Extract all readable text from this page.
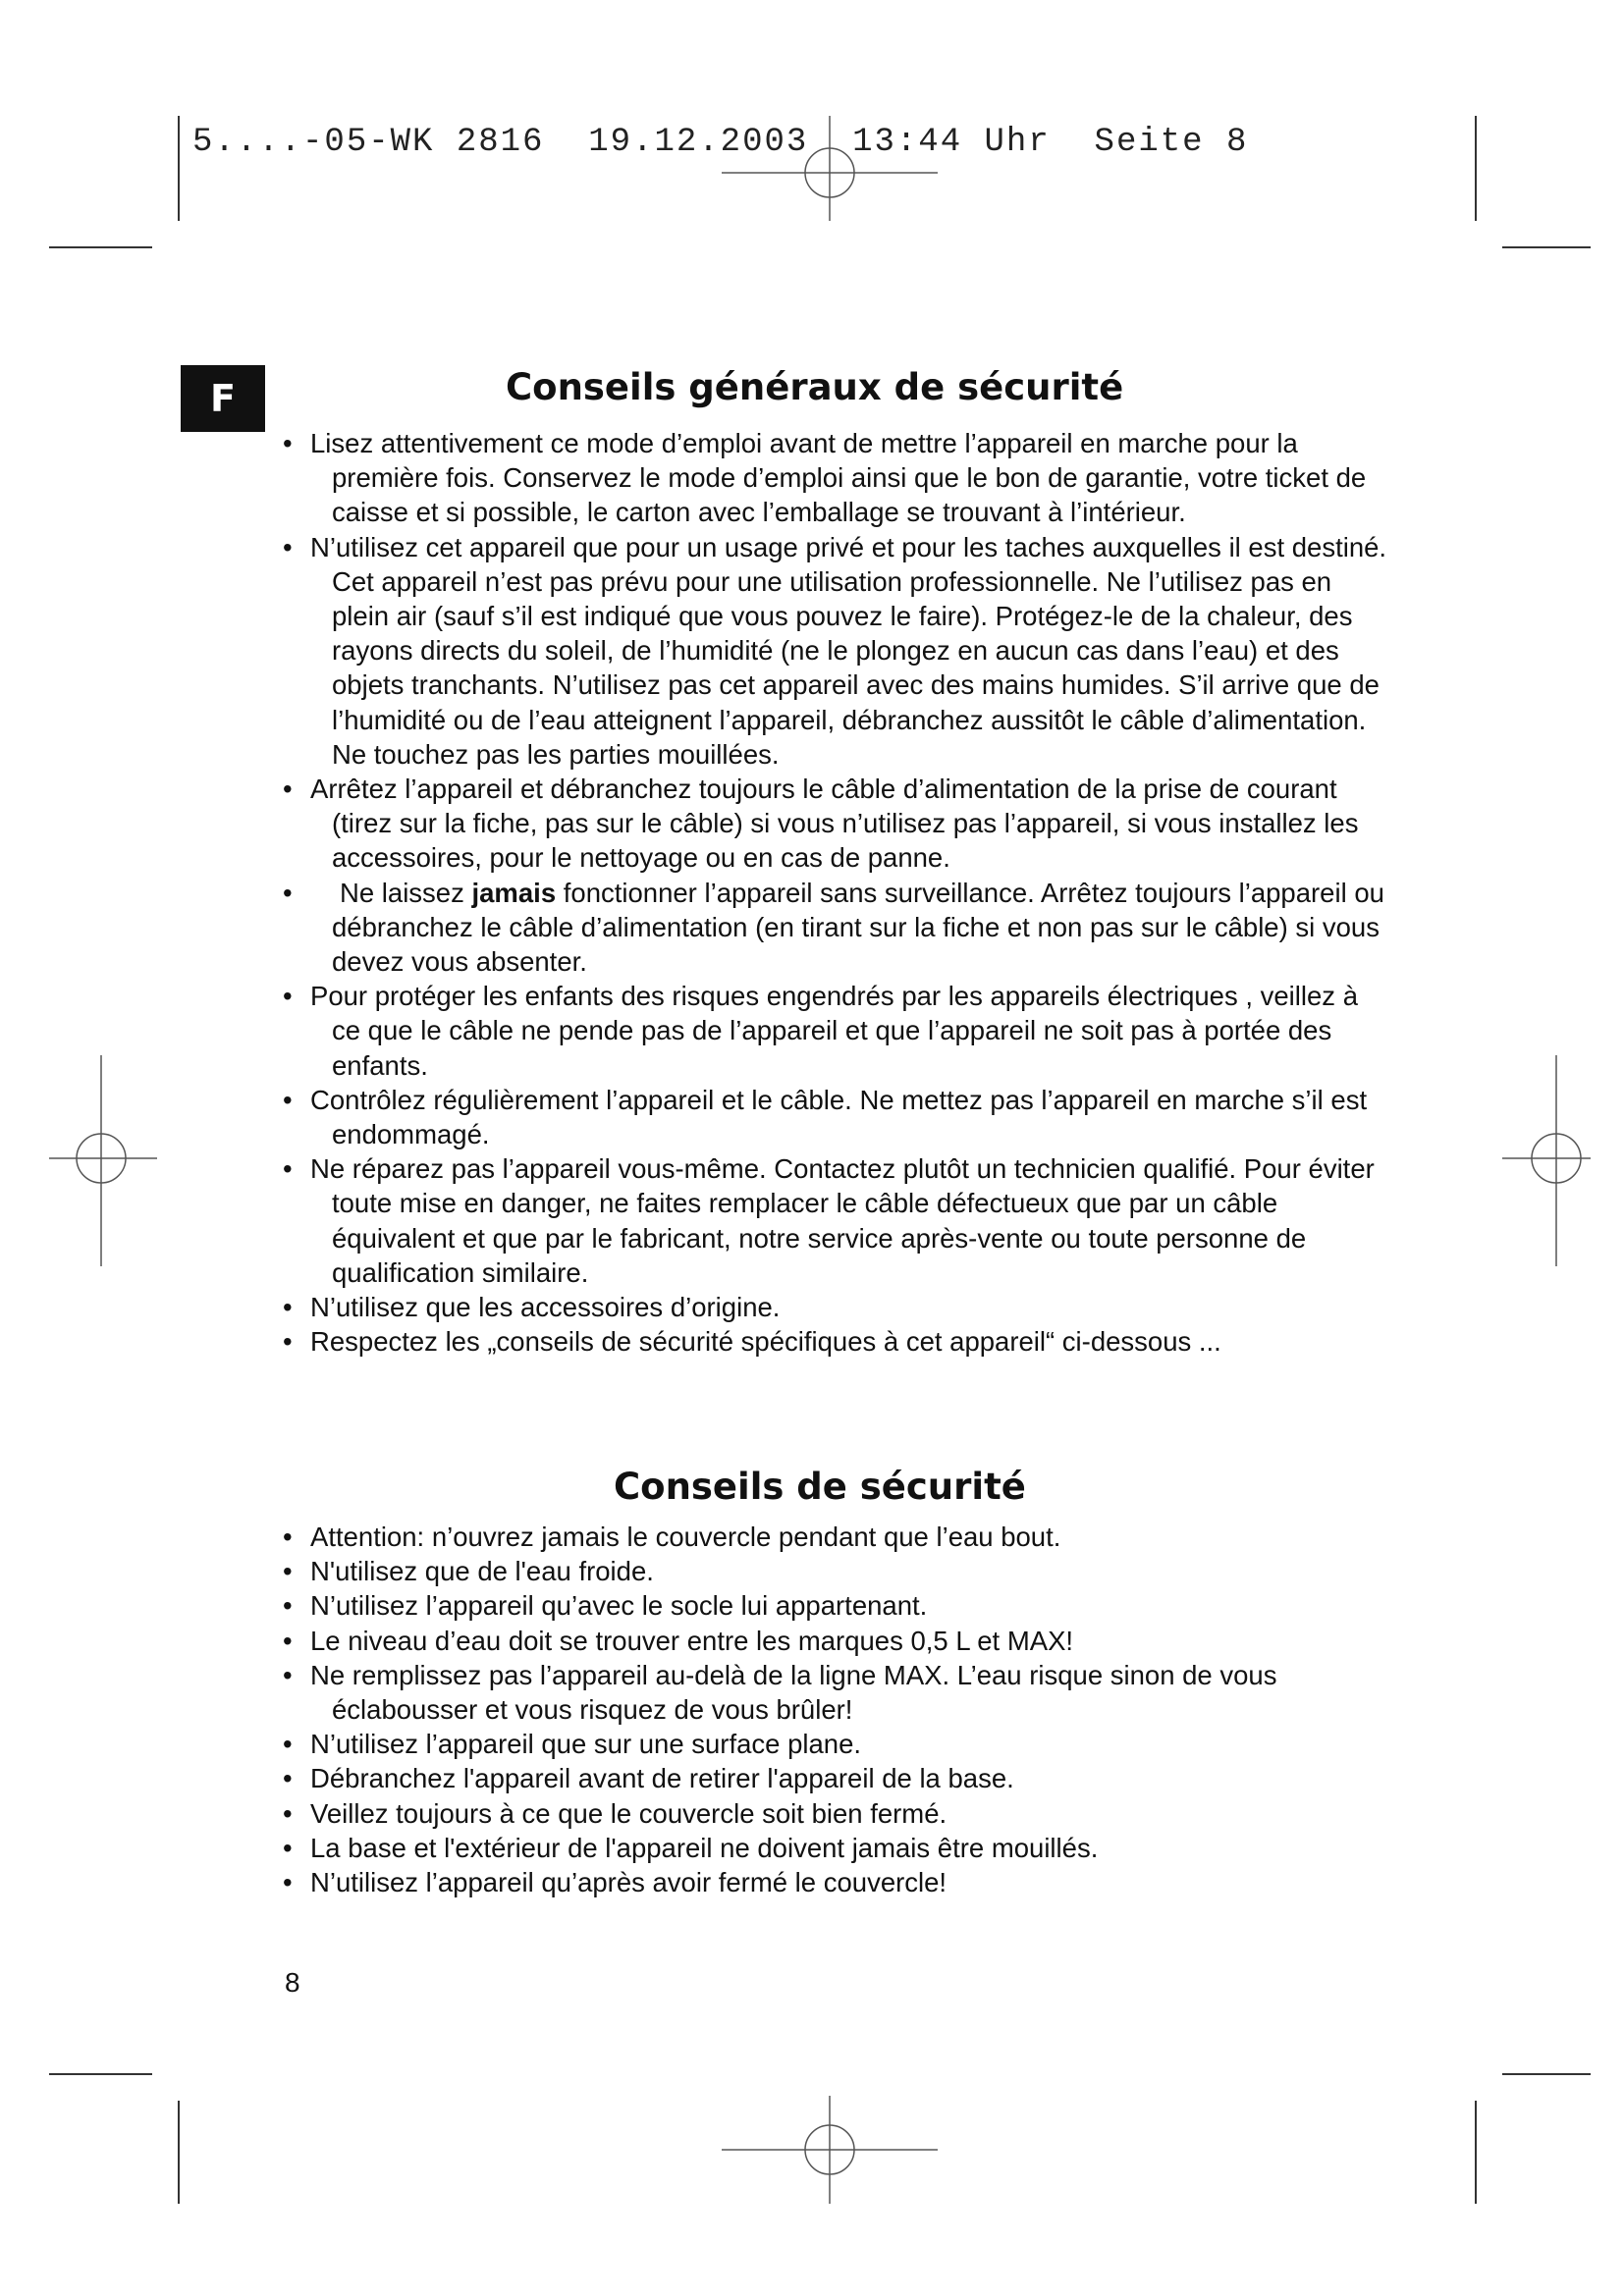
5....-05-WK 2816  19.12.2003  13:44 Uhr  Seite 8
F	Conseils généraux de sécurité
• Lisez attentivement ce mode d’emploi avant de mettre l’appareil en marche pour la première fois. Conservez le mode d’emploi ainsi que le bon de garantie, votre ticket de caisse et si possible, le carton avec l’emballage se trouvant à l’intérieur.
• N’utilisez cet appareil que pour un usage privé et pour les taches auxquelles il est destiné. Cet appareil n’est pas prévu pour une utilisation professionnelle. Ne l’utilisez pas en plein air (sauf s’il est indiqué que vous pouvez le faire). Protégez-le de la chaleur, des rayons directs du soleil, de l’humidité (ne le plongez en aucun cas dans l’eau) et des objets tranchants. N’utilisez pas cet appareil avec des mains humides. S’il arrive que de l’humidité ou de l’eau atteignent l’appareil, débranchez aussitôt le câble d’alimentation. Ne touchez pas les parties mouillées.
• Arrêtez l’appareil et débranchez toujours le câble d’alimentation de la prise de courant (tirez sur la fiche, pas sur le câble) si vous n’utilisez pas l’appareil, si vous installez les accessoires, pour le nettoyage ou en cas de panne.
• Ne laissez jamais fonctionner l’appareil sans surveillance. Arrêtez toujours l’appareil ou débranchez le câble d’alimentation (en tirant sur la fiche et non pas sur le câble) si vous devez vous absenter.
• Pour protéger les enfants des risques engendrés par les appareils électriques , veillez à ce que le câble ne pende pas de l’appareil et que l’appareil ne soit pas à portée des enfants.
• Contrôlez régulièrement l’appareil et le câble. Ne mettez pas l’appareil en marche s’il est endommagé.
• Ne réparez pas l’appareil vous-même. Contactez plutôt un technicien qualifié. Pour éviter toute mise en danger, ne faites remplacer le câble défectueux que par un câble équivalent et que par le fabricant, notre service après-vente ou toute personne de qualification similaire.
• N’utilisez que les accessoires d’origine.
• Respectez les „conseils de sécurité spécifiques à cet appareil“ ci-dessous ...
Conseils de sécurité
• Attention: n’ouvrez jamais le couvercle pendant que l’eau bout.
• N'utilisez que de l'eau froide.
• N’utilisez l’appareil qu’avec le socle lui appartenant.
• Le niveau d’eau doit se trouver entre les marques 0,5 L et MAX!
• Ne remplissez pas l’appareil au-delà de la ligne MAX. L’eau risque sinon de vous éclabousser et vous risquez de vous brûler!
• N’utilisez l’appareil que sur une surface plane.
• Débranchez l'appareil avant de retirer l'appareil de la base.
• Veillez toujours à ce que le couvercle soit bien fermé.
• La base et l'extérieur de l'appareil ne doivent jamais être mouillés.
• N’utilisez l’appareil qu’après avoir fermé le couvercle!
8
